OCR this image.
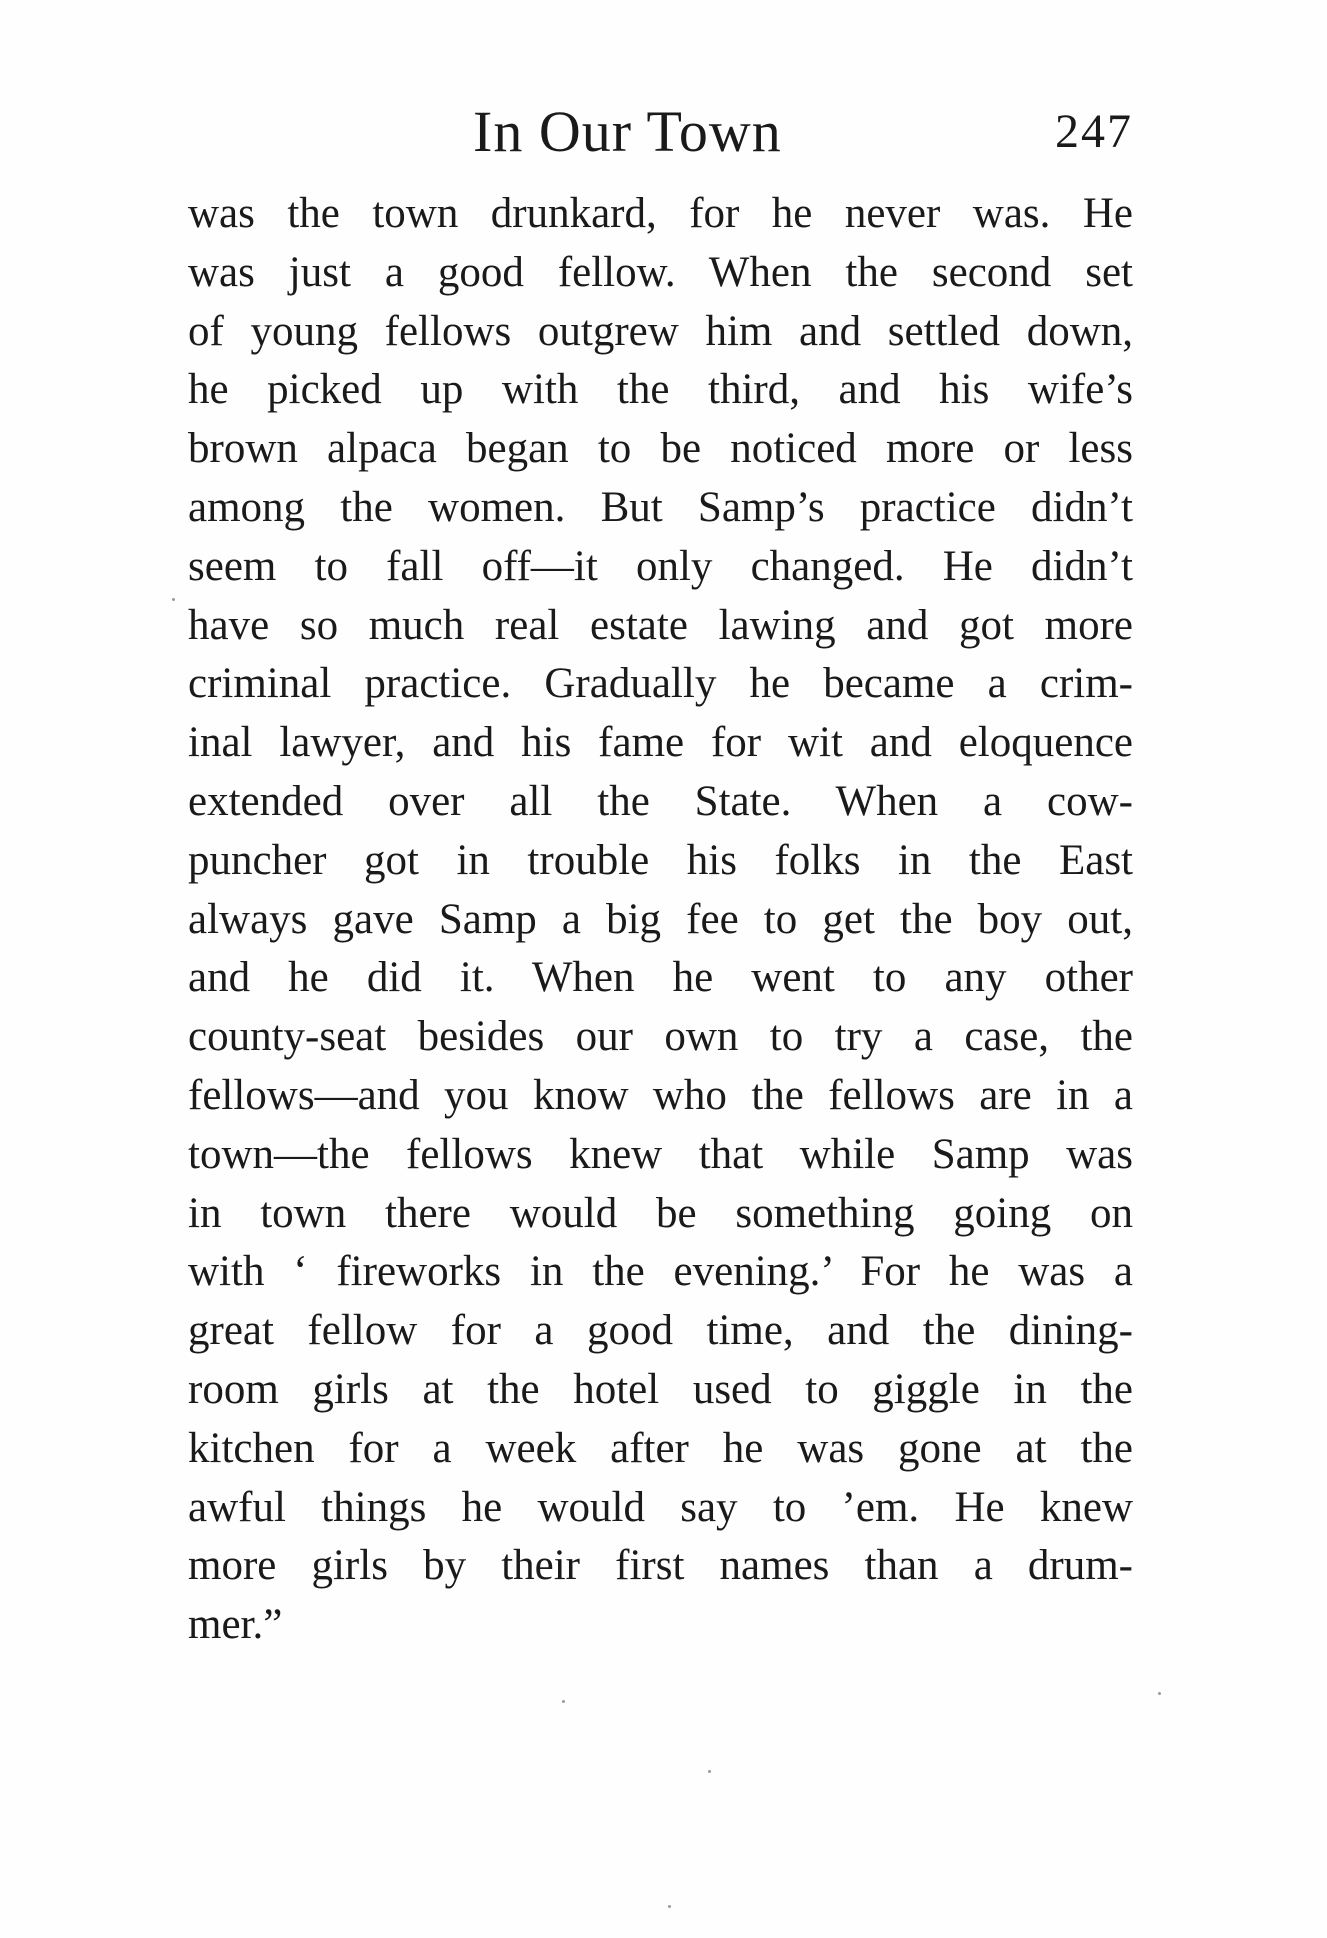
In Our Town	247
was the town drunkard, for he never was. He
was just a good fellow. When the second set
of young fellows outgrew him and settled down,
he picked up with the third, and his wife’s
brown alpaca began to be noticed more or less
among the women. But Samp’s practice didn’t
seem to fall off—it only changed. He didn’t
have so much real estate lawing and got more
criminal practice. Gradually he became a crim-
inal lawyer, and his fame for wit and eloquence
extended over all the State. When a cow-
puncher got in trouble his folks in the East
always gave Samp a big fee to get the boy out,
and he did it. When he went to any other
county-seat besides our own to try a case, the
fellows—and you know who the fellows are in a
town—the fellows knew that while Samp was
in town there would be something going on
with ‘ fireworks in the evening.’ For he was a
great fellow for a good time, and the dining-
room girls at the hotel used to giggle in the
kitchen for a week after he was gone at the
awful things he would say to ’em. He knew
more girls by their first names than a drum-
mer.”
